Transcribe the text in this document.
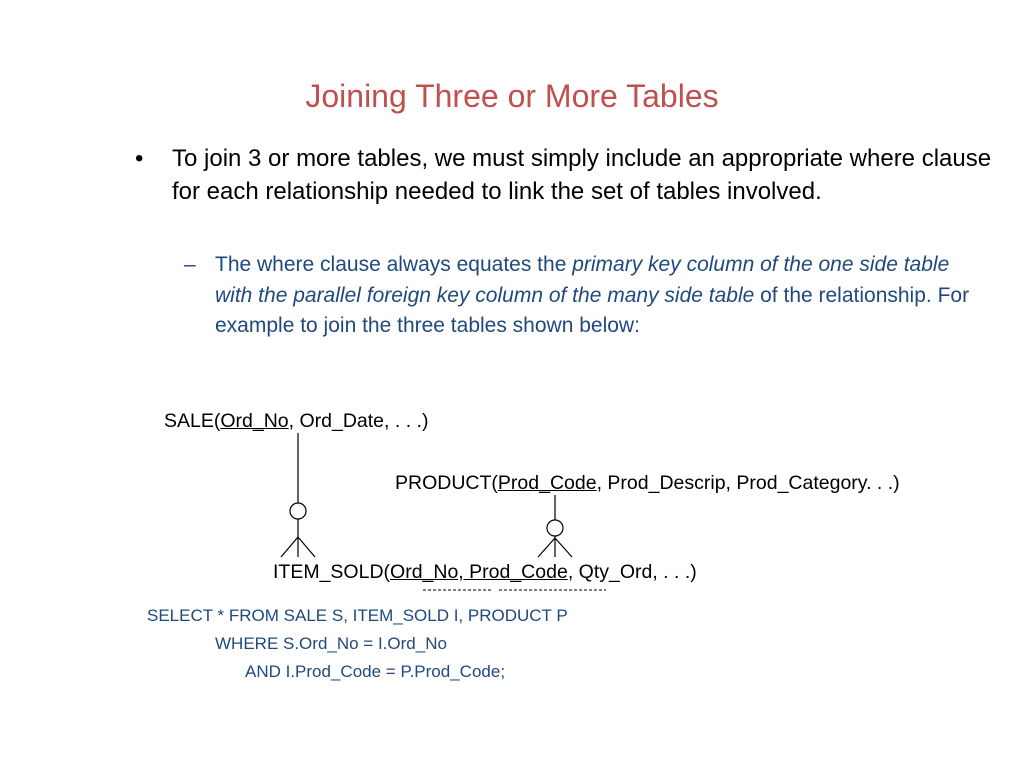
Joining Three or More Tables
• To join 3 or more tables, we must simply include an appropriate where clause for each relationship needed to link the set of tables involved.
– The where clause always equates the primary key column of the one side table with the parallel foreign key column of the many side table of the relationship. For example to join the three tables shown below:
SALE(Ord_No, Ord_Date, . . .)
PRODUCT(Prod_Code, Prod_Descrip, Prod_Category. . .)
ITEM_SOLD(Ord_No, Prod_Code, Qty_Ord, . . .)
SELECT * FROM SALE S, ITEM_SOLD I, PRODUCT P
WHERE S.Ord_No = I.Ord_No
AND I.Prod_Code = P.Prod_Code;
